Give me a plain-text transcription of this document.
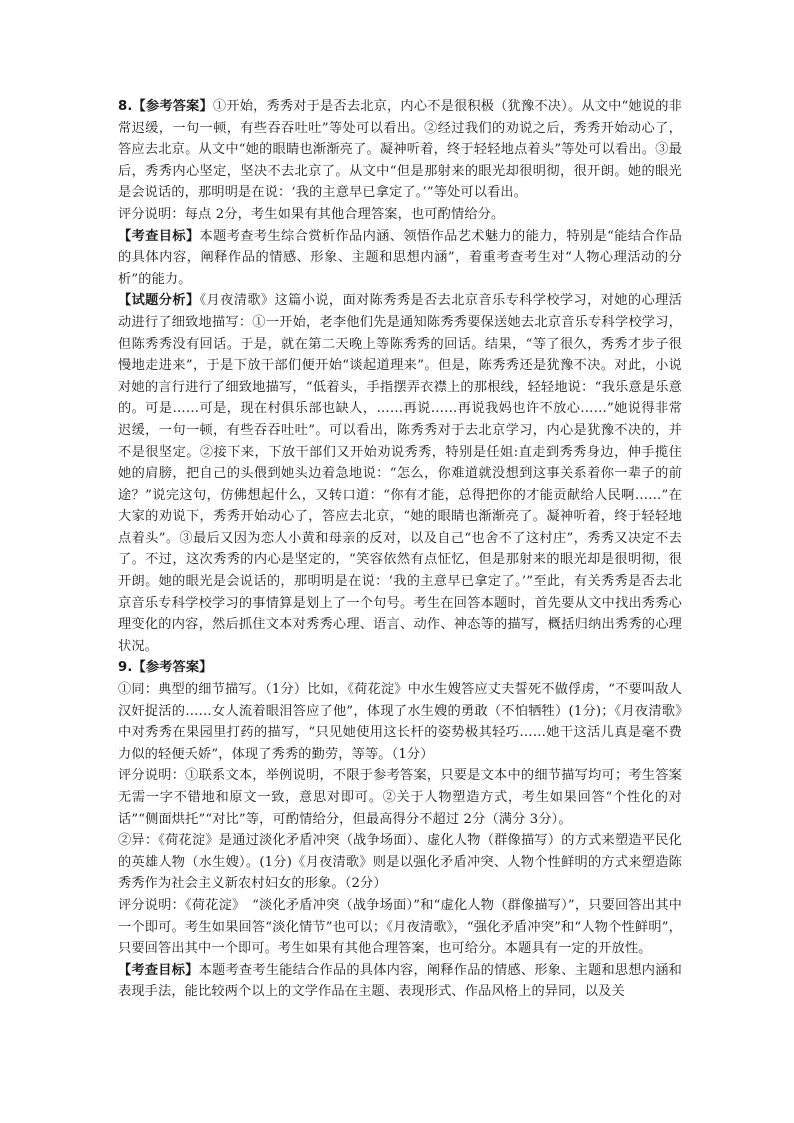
8.【参考答案】①开始，秀秀对于是否去北京，内心不是很积极（犹豫不决）。从文中“她说的非常迟缓，一句一顿，有些吞吞吐吐”等处可以看出。②经过我们的劝说之后，秀秀开始动心了，答应去北京。从文中“她的眼睛也渐渐亮了。凝神听着，终于轻轻地点着头”等处可以看出。③最后，秀秀内心坚定，坚决不去北京了。从文中“但是那射来的眼光却很明彻，很开朗。她的眼光是会说话的，那明明是在说：‘我的主意早已拿定了。’”等处可以看出。

评分说明：每点 2分，考生如果有其他合理答案，也可酌情给分。

【考查目标】本题考查考生综合赏析作品内涵、领悟作品艺术魅力的能力，特别是“能结合作品的具体内容，阐释作品的情感、形象、主题和思想内涵”，着重考查考生对“人物心理活动的分析”的能力。

【试题分析】《月夜清歌》这篇小说，面对陈秀秀是否去北京音乐专科学校学习，对她的心理活动进行了细致地描写：①一开始，老李他们先是通知陈秀秀要保送她去北京音乐专科学校学习，但陈秀秀没有回话。于是，就在第二天晚上等陈秀秀的回话。结果，“等了很久，秀秀才步子很慢地走进来”，于是下放干部们便开始“谈起道理来”。但是，陈秀秀还是犹豫不决。对此，小说对她的言行进行了细致地描写，“低着头，手指摆弄衣襟上的那根线，轻轻地说：“我乐意是乐意的。可是……可是，现在村俱乐部也缺人，……再说……再说我妈也许不放心……”她说得非常迟缓，一句一顿，有些吞吞吐吐”。可以看出，陈秀秀对于去北京学习，内心是犹豫不决的，并不是很坚定。②接下来，下放干部们又开始劝说秀秀，特别是任姐:直走到秀秀身边，伸手揽住她的肩膀，把自己的头偎到她头边着急地说：“怎么，你难道就没想到这事关系着你一辈子的前途？”说完这句，仿佛想起什么，又转口道：“你有才能，总得把你的才能贡献给人民啊……”在大家的劝说下，秀秀开始动心了，答应去北京，“她的眼睛也渐渐亮了。凝神听着，终于轻轻地点着头”。③最后又因为恋人小黄和母亲的反对，以及自己“也舍不了这村庄”，秀秀又决定不去了。不过，这次秀秀的内心是坚定的，“笑容依然有点怔忆，但是那射来的眼光却是很明彻，很开朗。她的眼光是会说话的，那明明是在说：‘我的主意早已拿定了。’”至此，有关秀秀是否去北京音乐专科学校学习的事情算是划上了一个句号。考生在回答本题时，首先要从文中找出秀秀心理变化的内容，然后抓住文本对秀秀心理、语言、动作、神态等的描写，概括归纳出秀秀的心理状况。

9.【参考答案】

①同：典型的细节描写。（1分）比如，《荷花淀》中水生嫂答应丈夫誓死不做俘虏，“不要叫敌人汉奸捉活的……女人流着眼泪答应了他”，体现了水生嫂的勇敢（不怕牺牲）(1分)；《月夜清歌》中对秀秀在果园里打药的描写，“只见她使用这长杆的姿势极其轻巧……她干这活儿真是毫不费力似的轻便夭娇”，体现了秀秀的勤劳，等等。（1分）

评分说明：①联系文本，举例说明，不限于参考答案，只要是文本中的细节描写均可；考生答案无需一字不错地和原文一致，意思对即可。②关于人物塑造方式，考生如果回答“个性化的对话”“侧面烘托”“对比”等，可酌情给分，但最高得分不超过 2分（满分 3分）。

②异：《荷花淀》是通过淡化矛盾冲突（战争场面）、虚化人物（群像描写）的方式来塑造平民化的英雄人物（水生嫂）。(1分)《月夜清歌》则是以强化矛盾冲突、人物个性鲜明的方式来塑造陈秀秀作为社会主义新农村妇女的形象。（2分）

评分说明：《荷花淀》　“淡化矛盾冲突（战争场面）”和“虚化人物（群像描写）”，只要回答出其中一个即可。考生如果回答“淡化情节”也可以；《月夜清歌》，“强化矛盾冲突”和“人物个性鲜明”，只要回答出其中一个即可。考生如果有其他合理答案，也可给分。本题具有一定的开放性。

【考查目标】本题考查考生能结合作品的具体内容，阐释作品的情感、形象、主题和思想内涵和表现手法，能比较两个以上的文学作品在主题、表现形式、作品风格上的异同，以及关
